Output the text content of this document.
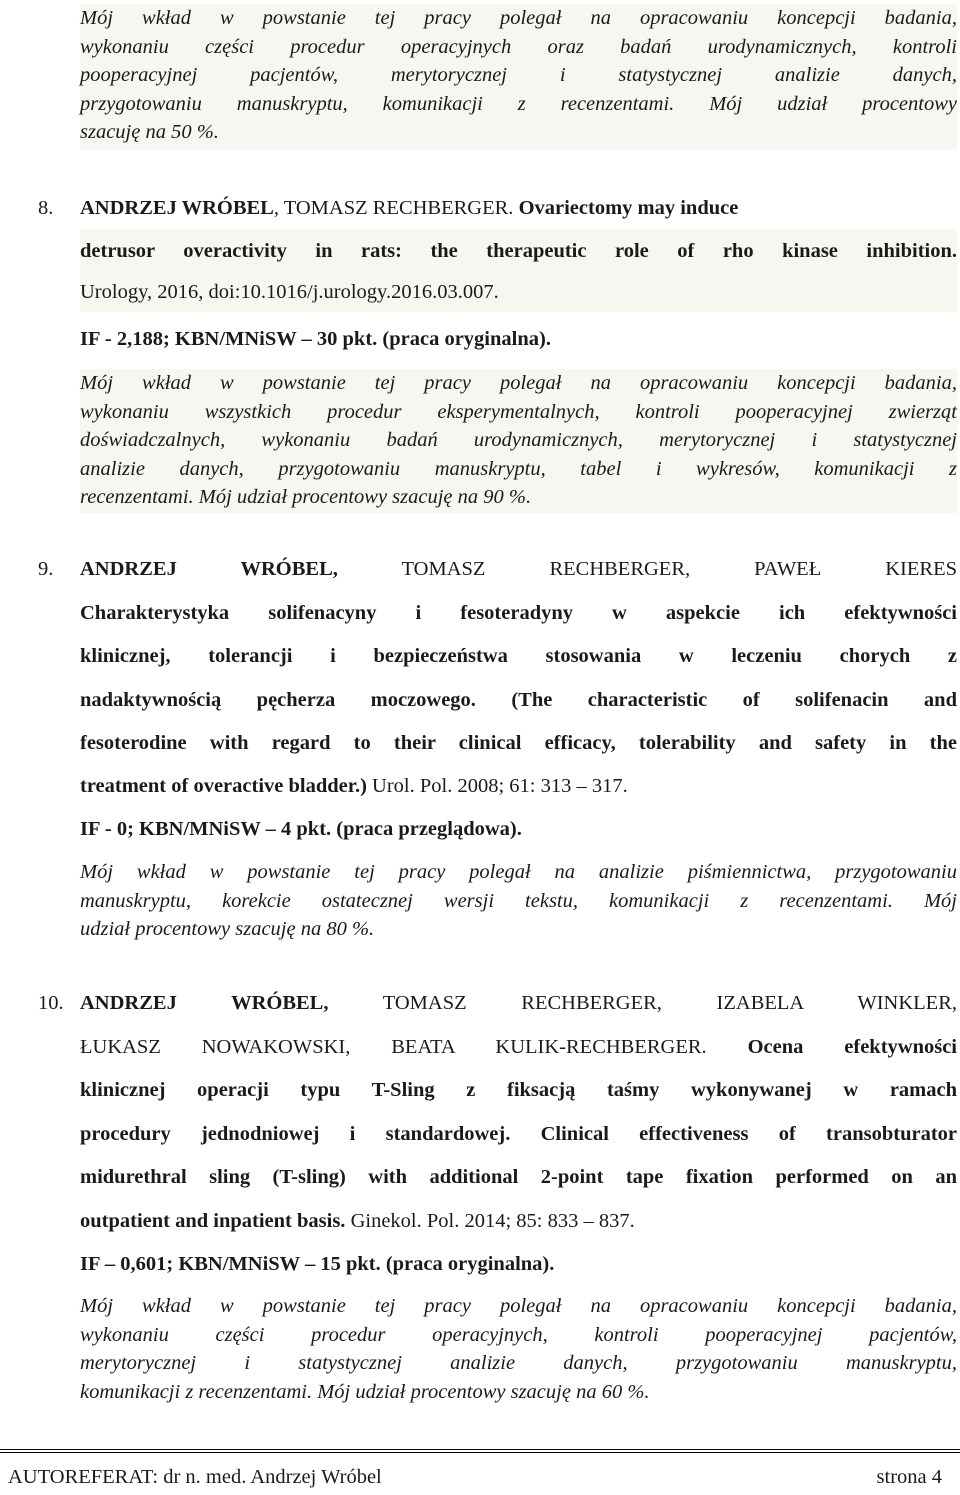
Mój wkład w powstanie tej pracy polegał na opracowaniu koncepcji badania,

wykonaniu części procedur operacyjnych oraz badań urodynamicznych, kontroli

pooperacyjnej pacjentów, merytorycznej i statystycznej analizie danych,

przygotowaniu manuskryptu, komunikacji z recenzentami. Mój udział procentowy

szacuję na 50 %.

8. ANDRZEJ WRÓBEL, TOMASZ RECHBERGER. Ovariectomy may induce
detrusor overactivity in rats: the therapeutic role of rho kinase inhibition.
Urology, 2016, doi:10.1016/j.urology.2016.03.007.
IF - 2,188; KBN/MNiSW – 30 pkt. (praca oryginalna).

Mój wkład w powstanie tej pracy polegał na opracowaniu koncepcji badania,

wykonaniu wszystkich procedur eksperymentalnych, kontroli pooperacyjnej zwierząt

doświadczalnych, wykonaniu badań urodynamicznych, merytorycznej i statystycznej

analizie danych, przygotowaniu manuskryptu, tabel i wykresów, komunikacji z

recenzentami. Mój udział procentowy szacuję na 90 %.

9. ANDRZEJ WRÓBEL, TOMASZ RECHBERGER, PAWEŁ KIERES
Charakterystyka solifenacyny i fesoteradyny w aspekcie ich efektywności
klinicznej, tolerancji i bezpieczeństwa stosowania w leczeniu chorych z
nadaktywnością pęcherza moczowego. (The characteristic of solifenacin and
fesoterodine with regard to their clinical efficacy, tolerability and safety in the
treatment of overactive bladder.) Urol. Pol. 2008; 61: 313 – 317.
IF - 0; KBN/MNiSW – 4 pkt. (praca przeglądowa).

Mój wkład w powstanie tej pracy polegał na analizie piśmiennictwa, przygotowaniu

manuskryptu, korekcie ostatecznej wersji tekstu, komunikacji z recenzentami. Mój

udział procentowy szacuję na 80 %.

10. ANDRZEJ WRÓBEL, TOMASZ RECHBERGER, IZABELA WINKLER,
ŁUKASZ NOWAKOWSKI, BEATA KULIK-RECHBERGER. Ocena efektywności
klinicznej operacji typu T-Sling z fiksacją taśmy wykonywanej w ramach
procedury jednodniowej i standardowej. Clinical effectiveness of transobturator
midurethral sling (T-sling) with additional 2-point tape fixation performed on an
outpatient and inpatient basis. Ginekol. Pol. 2014; 85: 833 – 837.
IF – 0,601; KBN/MNiSW – 15 pkt. (praca oryginalna).

Mój wkład w powstanie tej pracy polegał na opracowaniu koncepcji badania,

wykonaniu części procedur operacyjnych, kontroli pooperacyjnej pacjentów,

merytorycznej i statystycznej analizie danych, przygotowaniu manuskryptu,

komunikacji z recenzentami. Mój udział procentowy szacuję na 60 %.

AUTOREFERAT: dr n. med. Andrzej Wróbel	strona 4
